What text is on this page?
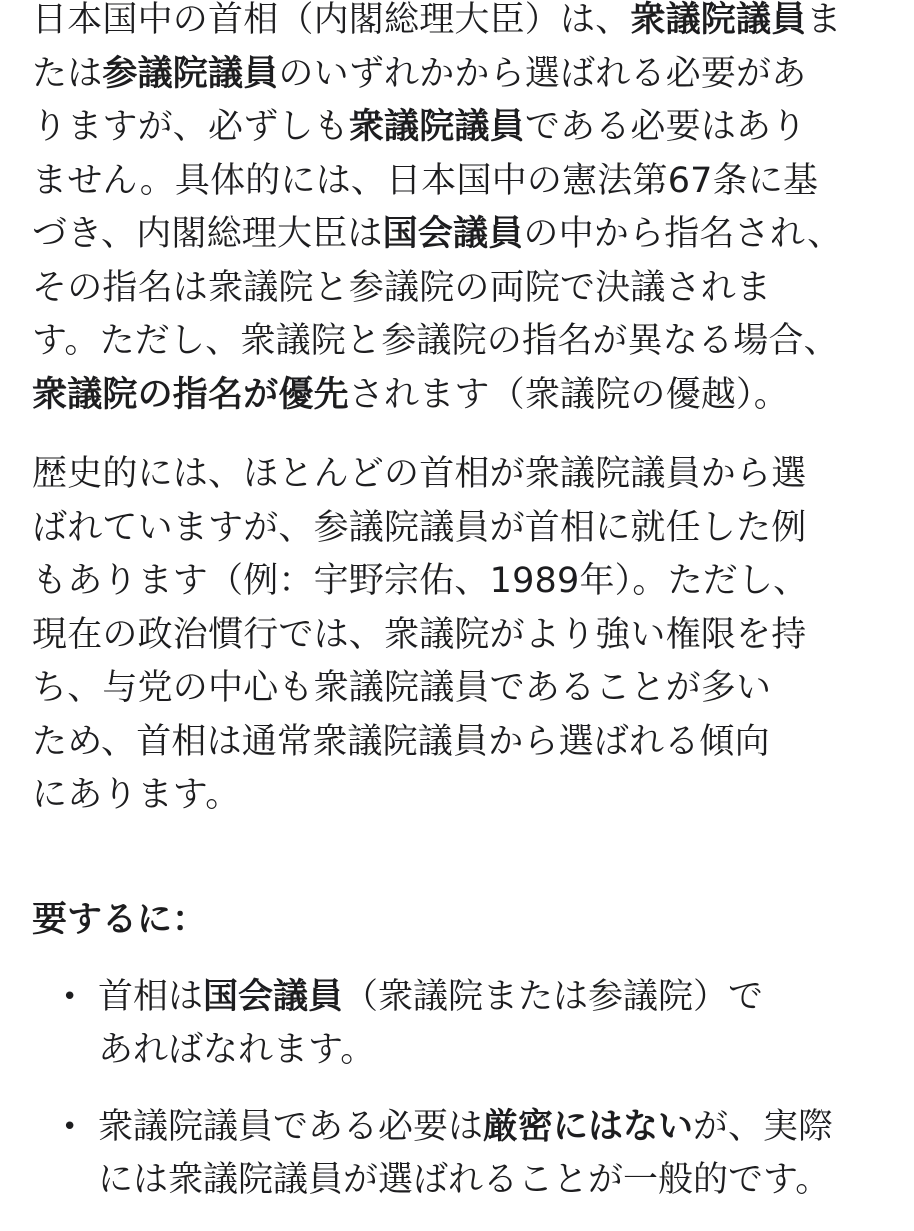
日本国中の首相（内閣総理大臣）は、衆議院議員ま
たは参議院議員のいずれかから選ばれる必要があ
りますが、必ずしも衆議院議員である必要はあり
ません。具体的には、日本国中の憲法第67条に基
づき、内閣総理大臣は国会議員の中から指名され、
その指名は衆議院と参議院の両院で決議されま
す。ただし、衆議院と参議院の指名が異なる場合、
衆議院の指名が優先されます（衆議院の優越）。

歴史的には、ほとんどの首相が衆議院議員から選
ばれていますが、参議院議員が首相に就任した例
もあります（例：宇野宗佑、1989年）。ただし、
現在の政治慣行では、衆議院がより強い権限を持
ち、与党の中心も衆議院議員であることが多い
ため、首相は通常衆議院議員から選ばれる傾向
にあります。

要するに：
• 首相は国会議員（衆議院または参議院）で
あればなれます。
• 衆議院議員である必要は厳密にはないが、実際
には衆議院議員が選ばれることが一般的です。
